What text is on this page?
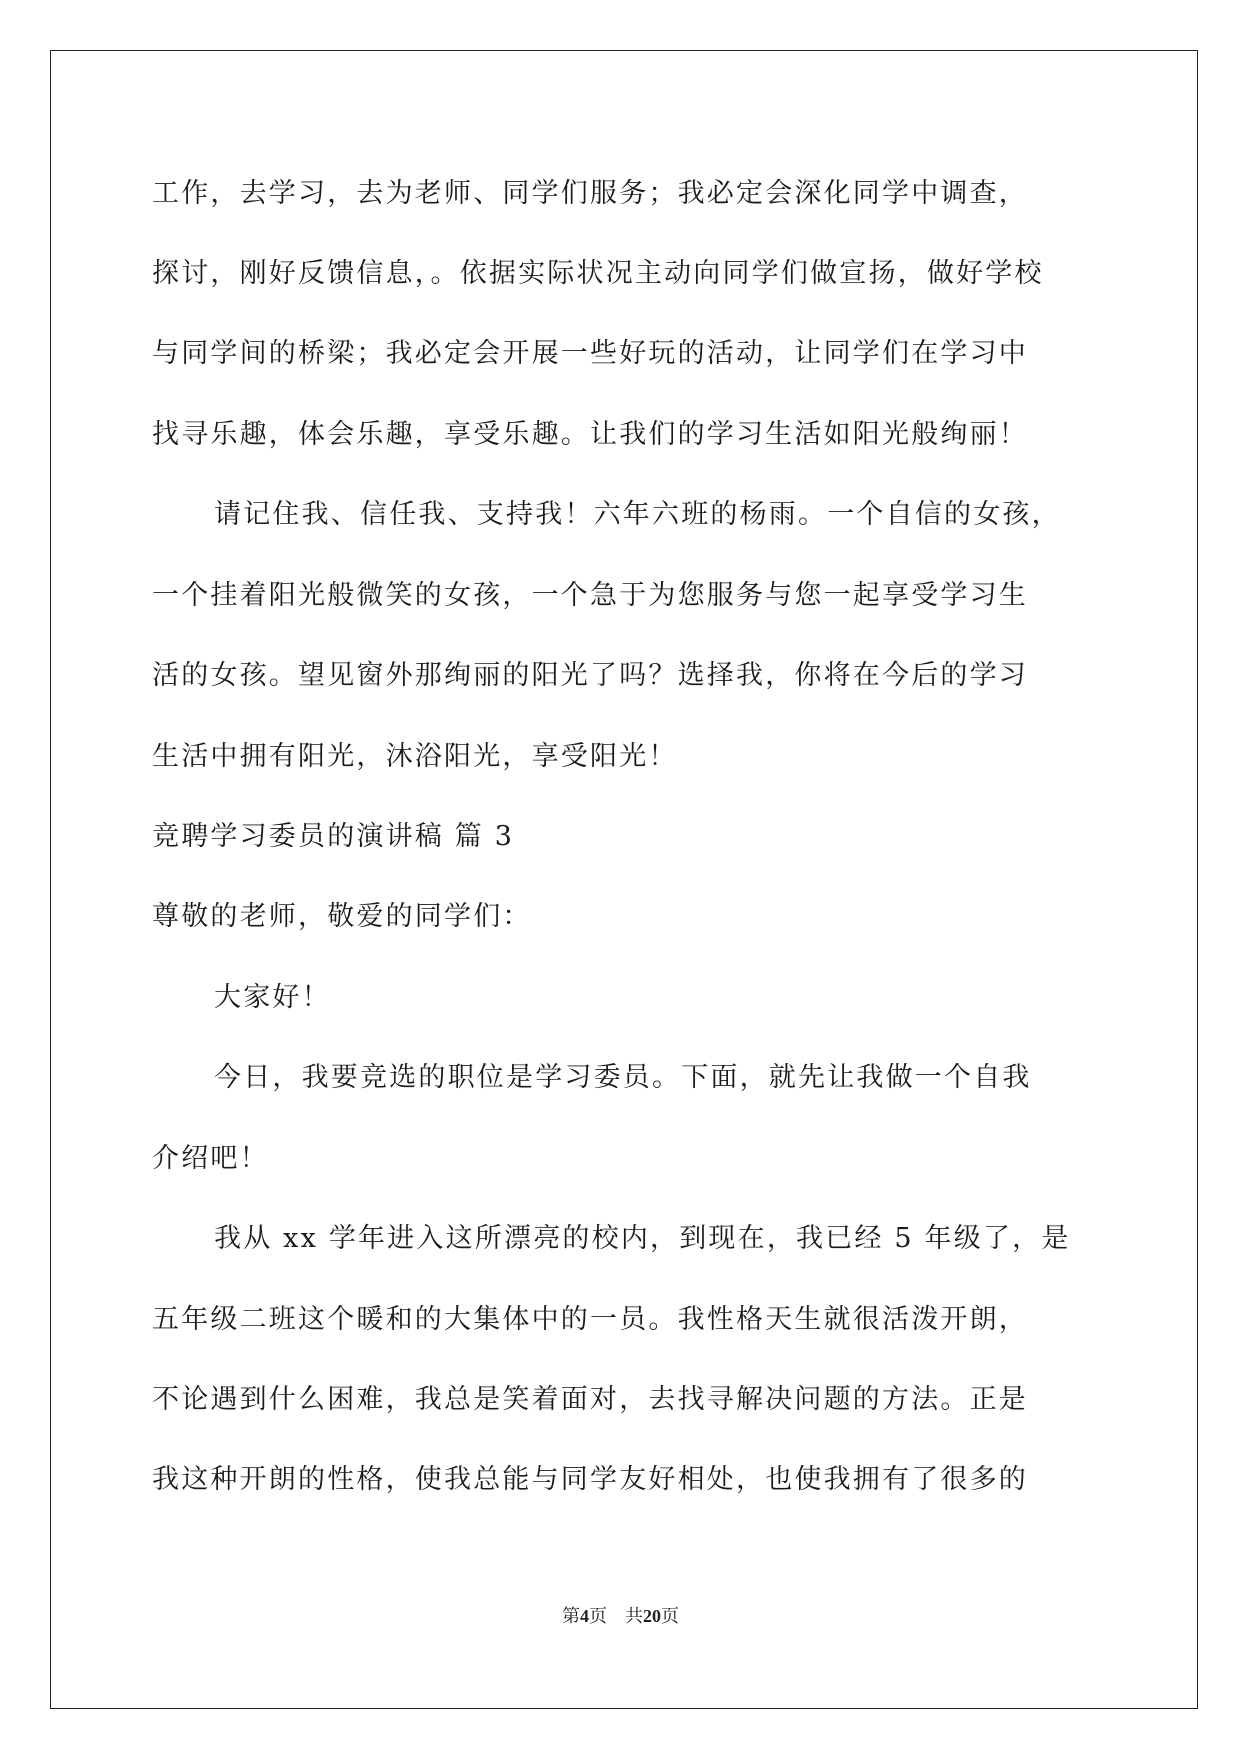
工作，去学习，去为老师、同学们服务；我必定会深化同学中调查，

探讨，刚好反馈信息，。依据实际状况主动向同学们做宣扬，做好学校

与同学间的桥梁；我必定会开展一些好玩的活动，让同学们在学习中

找寻乐趣，体会乐趣，享受乐趣。让我们的学习生活如阳光般绚丽！

请记住我、信任我、支持我！六年六班的杨雨。一个自信的女孩，

一个挂着阳光般微笑的女孩，一个急于为您服务与您一起享受学习生

活的女孩。望见窗外那绚丽的阳光了吗？选择我，你将在今后的学习

生活中拥有阳光，沐浴阳光，享受阳光！

竞聘学习委员的演讲稿 篇 3

尊敬的老师，敬爱的同学们：

大家好！

今日，我要竞选的职位是学习委员。下面，就先让我做一个自我

介绍吧！

我从 xx 学年进入这所漂亮的校内，到现在，我已经 5 年级了，是

五年级二班这个暖和的大集体中的一员。我性格天生就很活泼开朗，

不论遇到什么困难，我总是笑着面对，去找寻解决问题的方法。正是

我这种开朗的性格，使我总能与同学友好相处，也使我拥有了很多的

第4页 共20页
